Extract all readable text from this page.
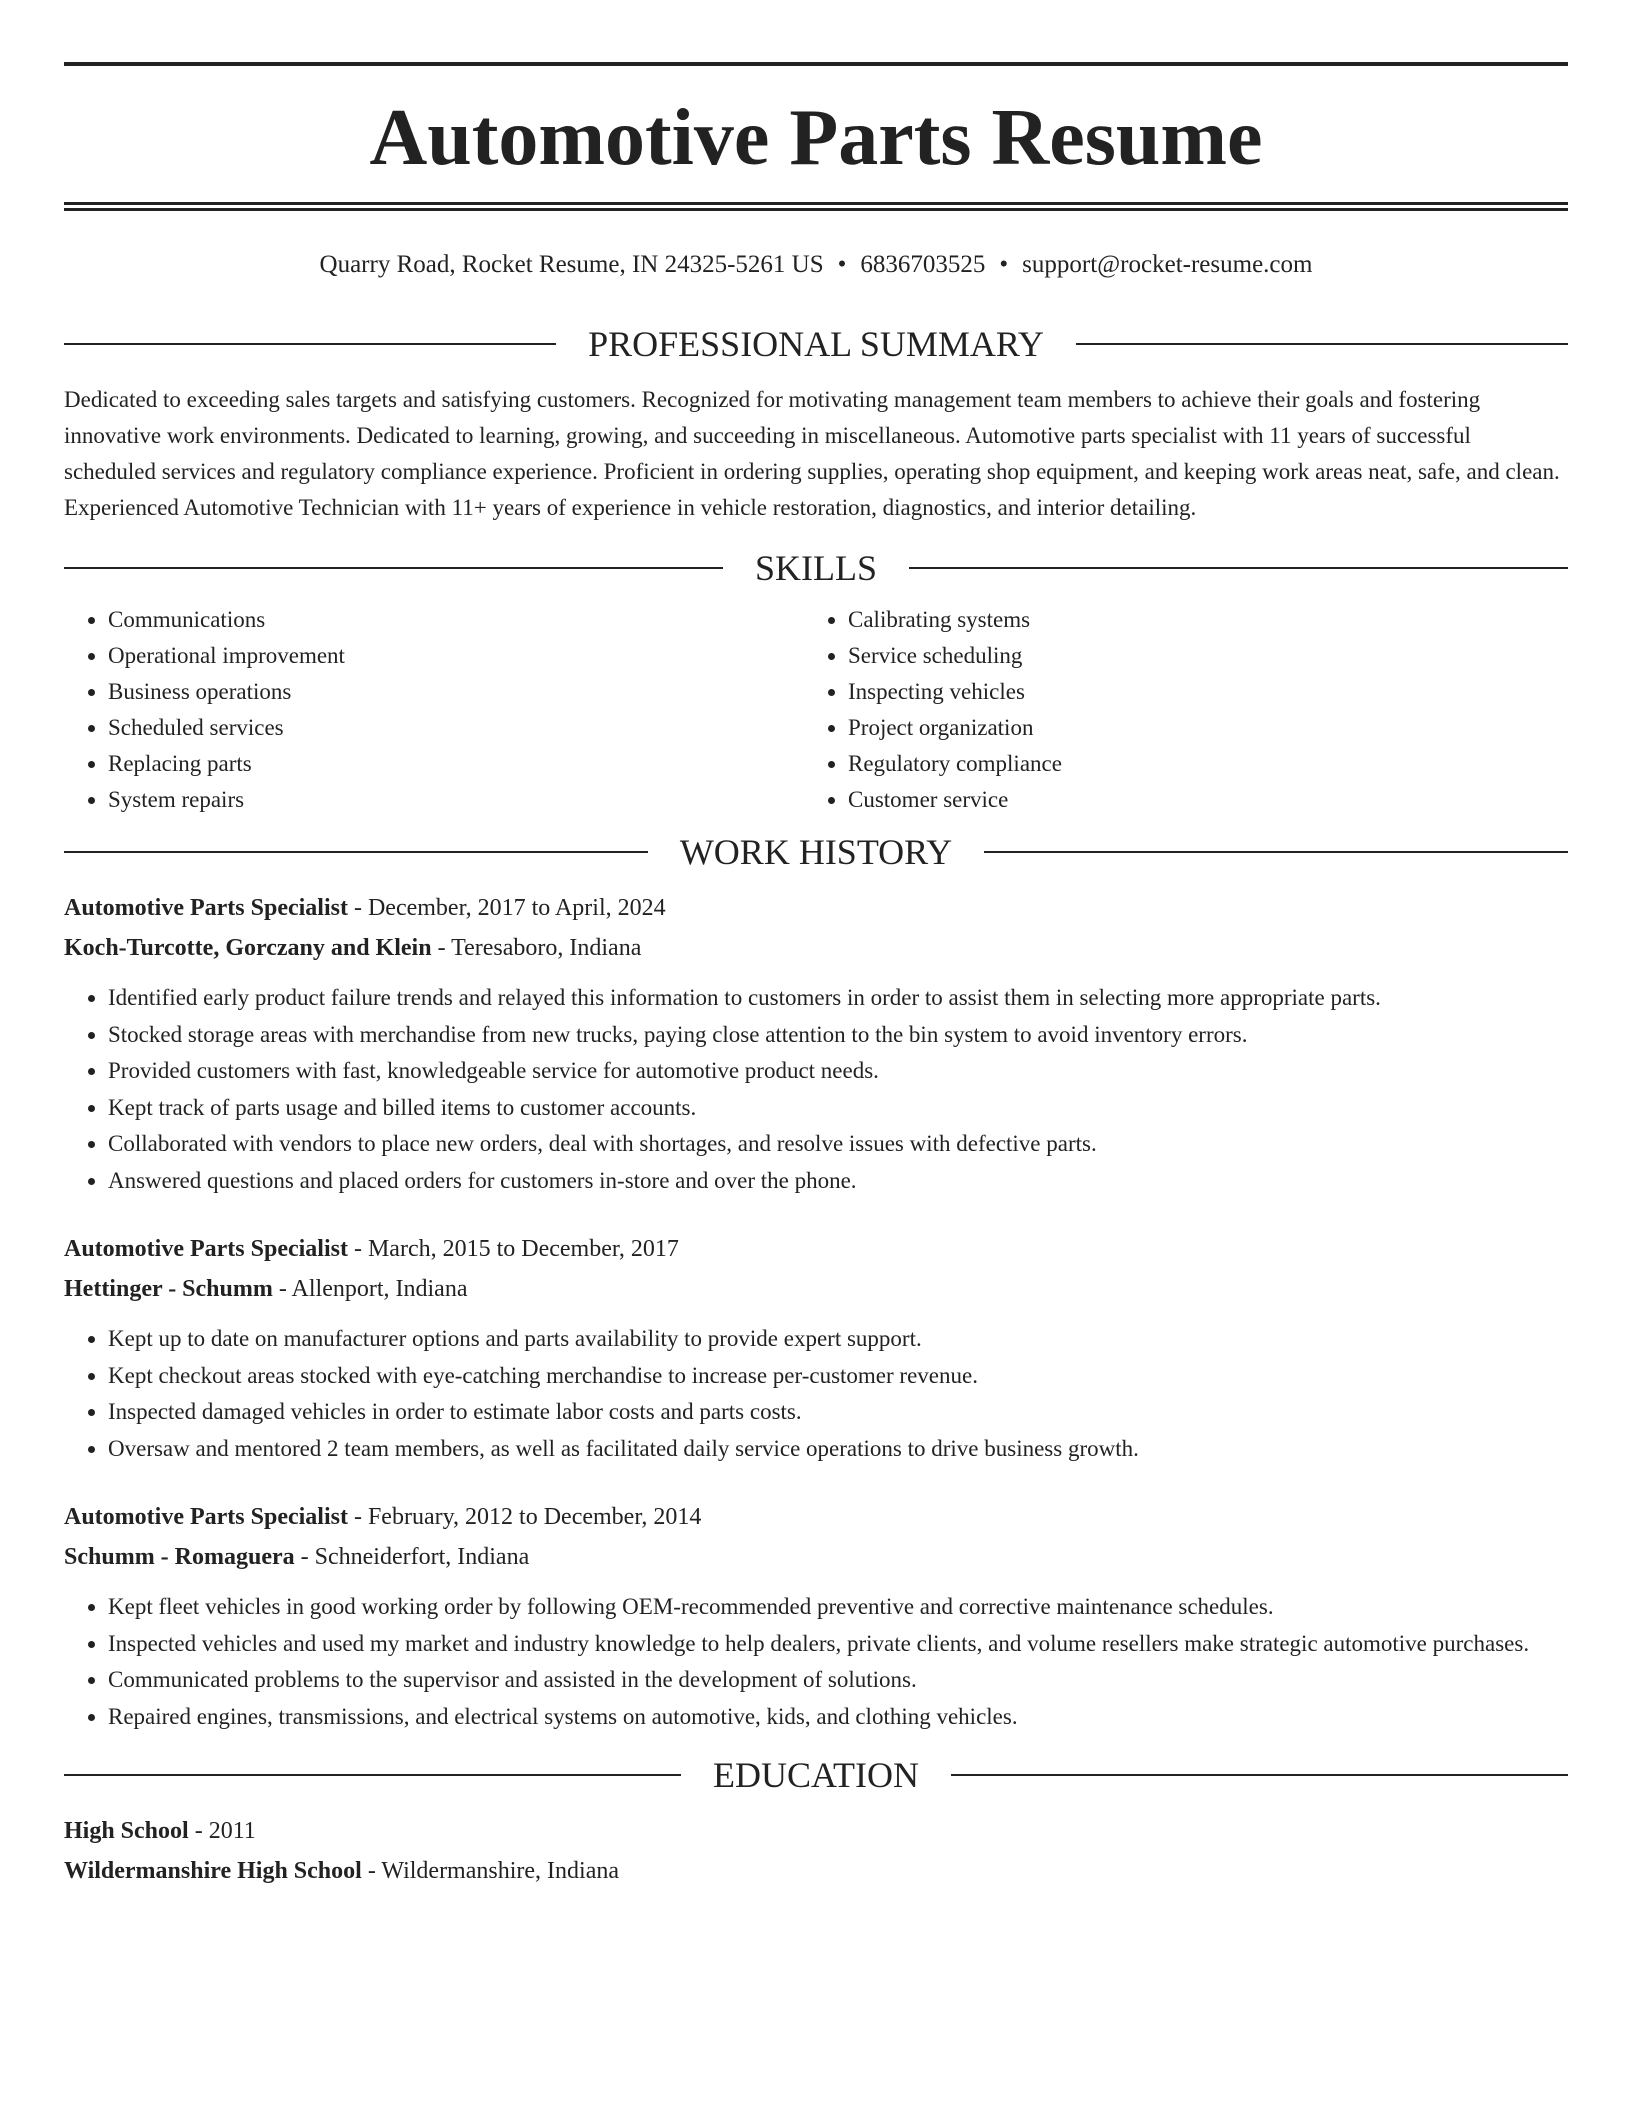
Automotive Parts Resume
Quarry Road, Rocket Resume, IN 24325-5261 US • 6836703525 • support@rocket-resume.com
PROFESSIONAL SUMMARY

Dedicated to exceeding sales targets and satisfying customers. Recognized for motivating management team members to achieve their goals and fostering innovative work environments. Dedicated to learning, growing, and succeeding in miscellaneous. Automotive parts specialist with 11 years of successful scheduled services and regulatory compliance experience. Proficient in ordering supplies, operating shop equipment, and keeping work areas neat, safe, and clean. Experienced Automotive Technician with 11+ years of experience in vehicle restoration, diagnostics, and interior detailing.

SKILLS
• Communications
• Operational improvement
• Business operations
• Scheduled services
• Replacing parts
• System repairs
• Calibrating systems
• Service scheduling
• Inspecting vehicles
• Project organization
• Regulatory compliance
• Customer service
WORK HISTORY
Automotive Parts Specialist - December, 2017 to April, 2024
Koch-Turcotte, Gorczany and Klein - Teresaboro, Indiana
• Identified early product failure trends and relayed this information to customers in order to assist them in selecting more appropriate parts.
• Stocked storage areas with merchandise from new trucks, paying close attention to the bin system to avoid inventory errors.
• Provided customers with fast, knowledgeable service for automotive product needs.
• Kept track of parts usage and billed items to customer accounts.
• Collaborated with vendors to place new orders, deal with shortages, and resolve issues with defective parts.
• Answered questions and placed orders for customers in-store and over the phone.
Automotive Parts Specialist - March, 2015 to December, 2017
Hettinger - Schumm - Allenport, Indiana
• Kept up to date on manufacturer options and parts availability to provide expert support.
• Kept checkout areas stocked with eye-catching merchandise to increase per-customer revenue.
• Inspected damaged vehicles in order to estimate labor costs and parts costs.
• Oversaw and mentored 2 team members, as well as facilitated daily service operations to drive business growth.
Automotive Parts Specialist - February, 2012 to December, 2014
Schumm - Romaguera - Schneiderfort, Indiana
• Kept fleet vehicles in good working order by following OEM-recommended preventive and corrective maintenance schedules.
• Inspected vehicles and used my market and industry knowledge to help dealers, private clients, and volume resellers make strategic automotive purchases.
• Communicated problems to the supervisor and assisted in the development of solutions.
• Repaired engines, transmissions, and electrical systems on automotive, kids, and clothing vehicles.
EDUCATION
High School - 2011
Wildermanshire High School - Wildermanshire, Indiana
